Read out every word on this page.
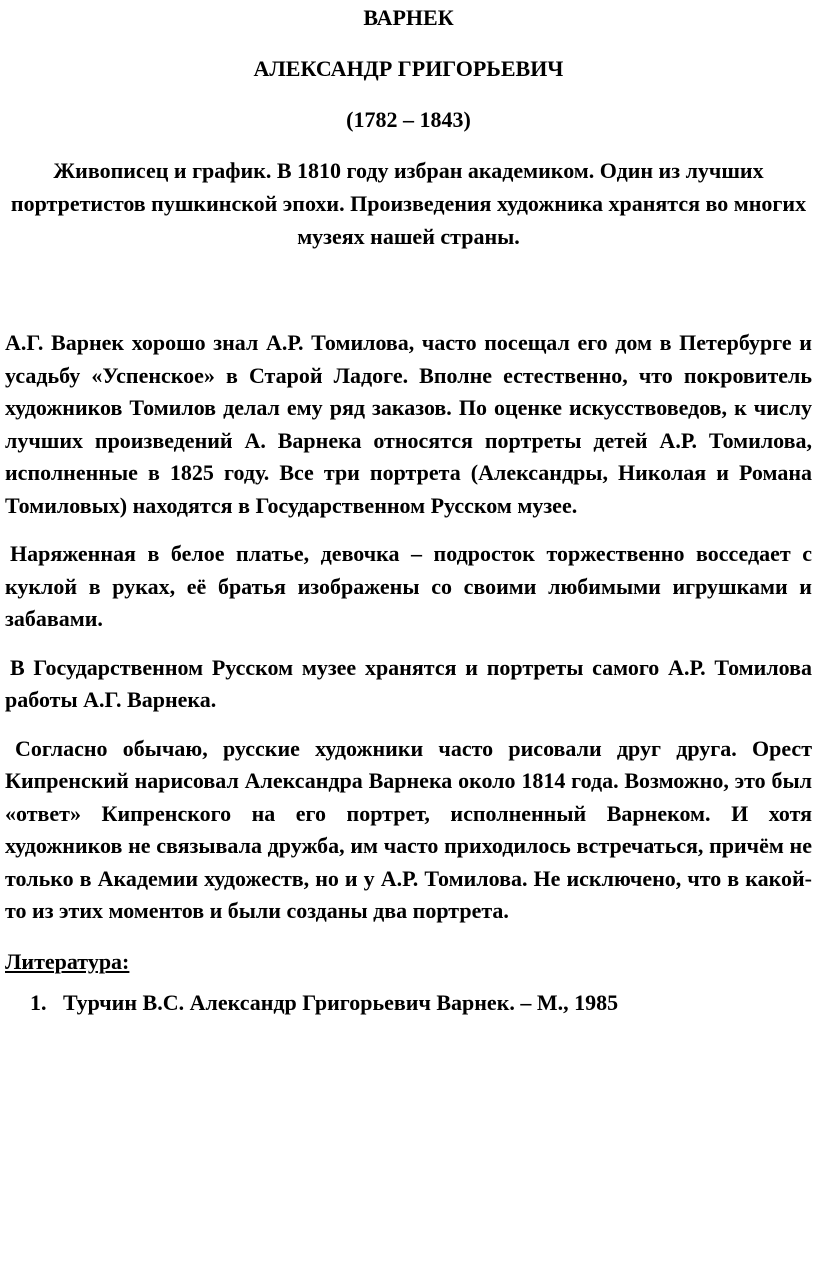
ВАРНЕК

АЛЕКСАНДР ГРИГОРЬЕВИЧ

(1782 – 1843)

Живописец и график. В 1810 году избран академиком. Один из лучших портретистов пушкинской эпохи. Произведения художника хранятся во многих музеях нашей страны.

А.Г. Варнек хорошо знал А.Р. Томилова, часто посещал его дом в Петербурге и усадьбу «Успенское» в Старой Ладоге. Вполне естественно, что покровитель художников Томилов делал ему ряд заказов. По оценке искусствоведов, к числу лучших произведений А. Варнека относятся портреты детей А.Р. Томилова, исполненные в 1825 году. Все три портрета (Александры, Николая и Романа Томиловых) находятся в Государственном Русском музее.

Наряженная в белое платье, девочка – подросток торжественно восседает с куклой в руках, её братья изображены со своими любимыми игрушками и забавами.

В Государственном Русском музее хранятся и портреты самого А.Р. Томилова работы А.Г. Варнека.

Согласно обычаю, русские художники часто рисовали друг друга. Орест Кипренский нарисовал Александра Варнека около 1814 года. Возможно, это был «ответ» Кипренского на его портрет, исполненный Варнеком. И хотя художников не связывала дружба, им часто приходилось встречаться, причём не только в Академии художеств, но и у А.Р. Томилова. Не исключено, что в какой-то из этих моментов и были созданы два портрета.

Литература:

1. Турчин В.С. Александр Григорьевич Варнек. – М., 1985
